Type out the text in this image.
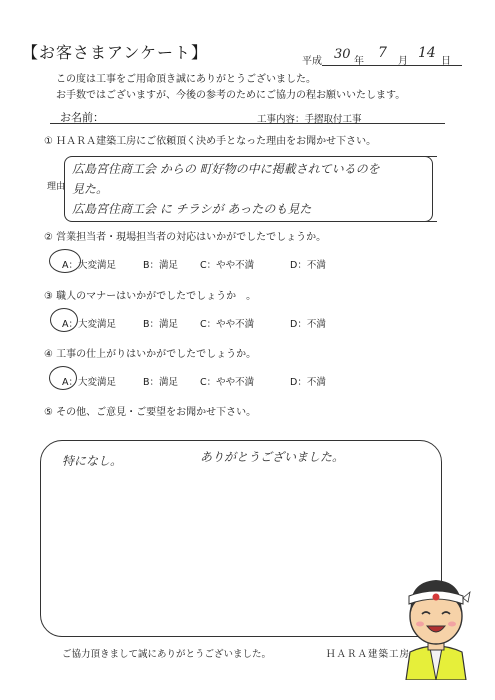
【お客さまアンケート】	平成 30 年
7
月
14
日
この度は工事をご用命頂き誠にありがとうございました。
お手数ではございますが、今後の参考のためにご協力の程お願いいたします。
お名前：	工事内容：手摺取付工事
① ＨＡＲＡ建築工房にご依頼頂く決め手となった理由をお聞かせ下さい。
理由
広島宮住商工会 からの 町好物の中に掲載されているのを
見た。
広島宮住商工会 に チラシが あったのも見た
② 営業担当者・現場担当者の対応はいかがでしたでしょうか。
A：大変満足	B：満足 C：やや不満	D：不満
③ 職人のマナーはいかがでしたでしょうか　。
A：大変満足	B：満足 C：やや不満	D：不満
④ 工事の仕上がりはいかがでしたでしょうか。
A：大変満足	B：満足 C：やや不満	D：不満
⑤ その他、ご意見・ご要望をお聞かせ下さい。
特になし。	ありがとうございました。
ご協力頂きまして誠にありがとうございました。	ＨＡＲＡ建築工房
